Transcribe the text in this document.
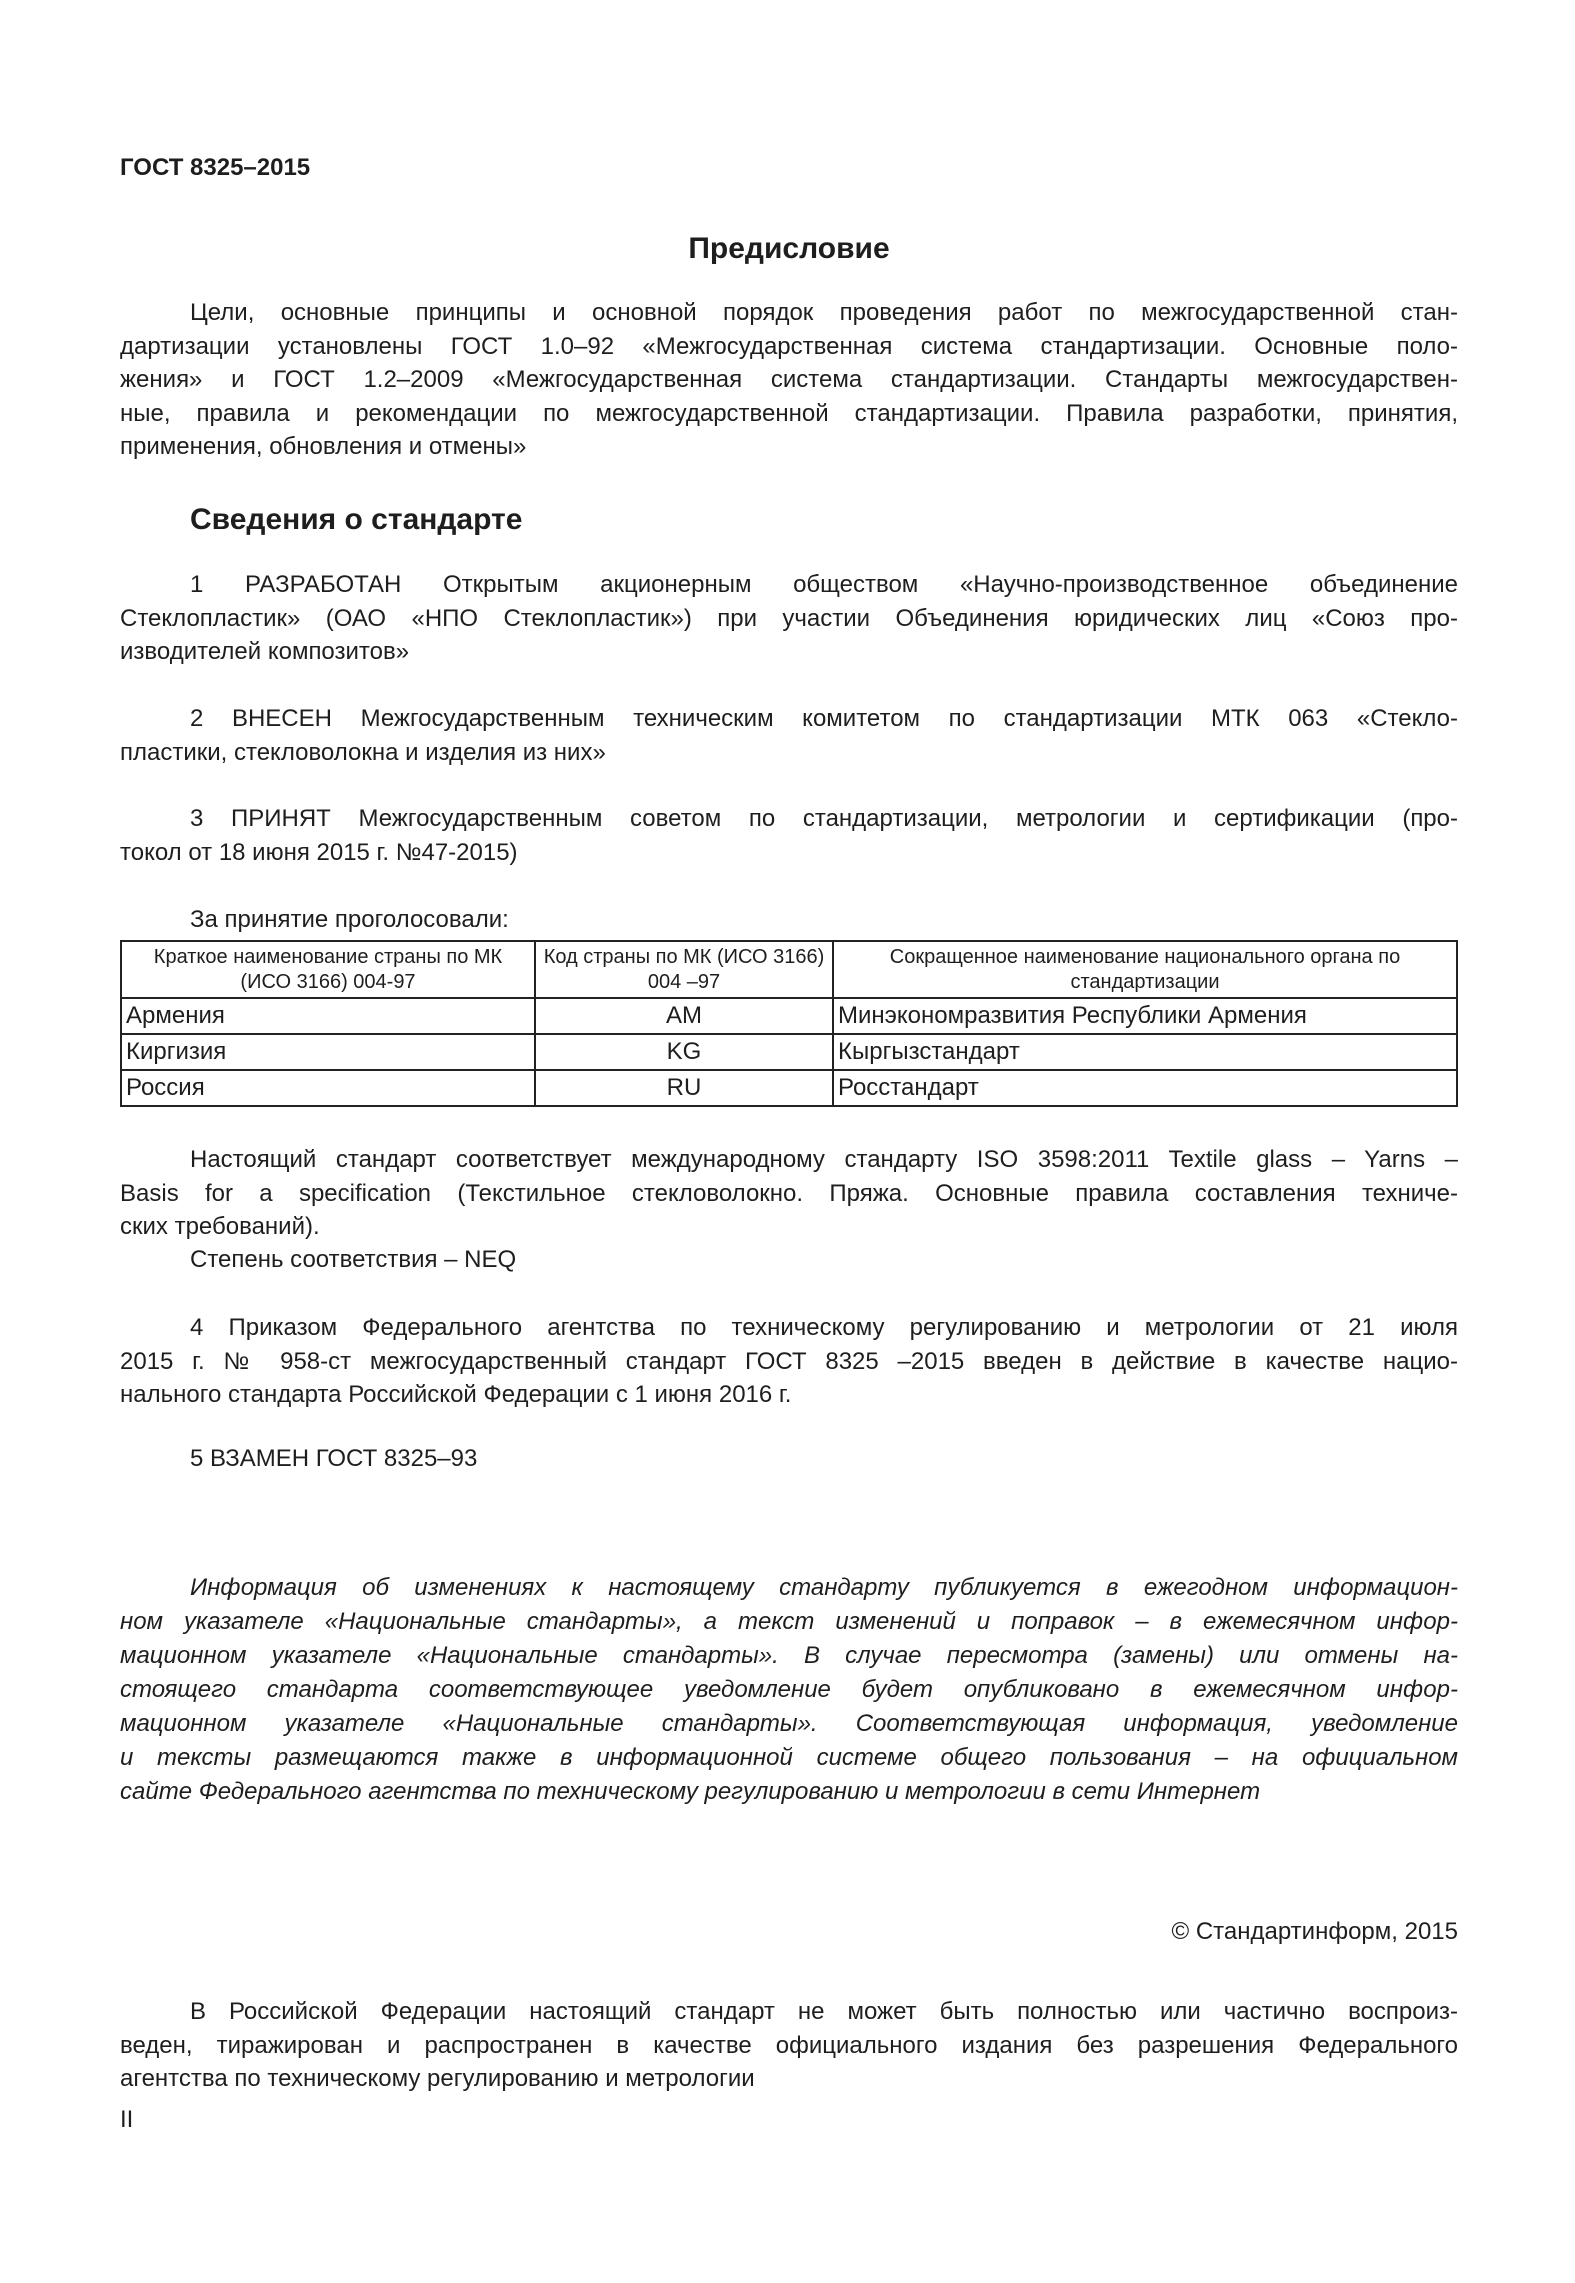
ГОСТ 8325–2015
Предисловие
Цели, основные принципы и основной порядок проведения работ по межгосударственной стан-
дартизации установлены ГОСТ 1.0–92 «Межгосударственная система стандартизации. Основные поло-
жения» и ГОСТ 1.2–2009 «Межгосударственная система стандартизации. Стандарты межгосударствен-
ные, правила и рекомендации по межгосударственной стандартизации. Правила разработки, принятия,
применения, обновления и отмены»
Сведения о стандарте
1 РАЗРАБОТАН Открытым акционерным обществом «Научно-производственное объединение
Стеклопластик» (ОАО «НПО Стеклопластик») при участии Объединения юридических лиц «Союз про-
изводителей композитов»
2 ВНЕСЕН Межгосударственным техническим комитетом по стандартизации МТК 063 «Стекло-
пластики, стекловолокна и изделия из них»
3 ПРИНЯТ Межгосударственным советом по стандартизации, метрологии и сертификации (про-
токол от 18 июня 2015 г. №47-2015)
За принятие проголосовали:
Краткое наименование страны по МК (ИСО 3166) 004-97	Код страны по МК (ИСО 3166) 004 –97	Сокращенное наименование национального органа по стандартизации
Армения	AM	Минэкономразвития Республики Армения
Киргизия	KG	Кыргызстандарт
Россия	RU	Росстандарт
Настоящий стандарт соответствует международному стандарту ISO 3598:2011 Textile glass – Yarns –
Basis for a specification (Текстильное стекловолокно. Пряжа. Основные правила составления техниче-
ских требований).
Степень соответствия – NEQ
4 Приказом Федерального агентства по техническому регулированию и метрологии от 21 июля
2015 г. № 958-ст межгосударственный стандарт ГОСТ 8325 –2015 введен в действие в качестве нацио-
нального стандарта Российской Федерации с 1 июня 2016 г.
5 ВЗАМЕН ГОСТ 8325–93
Информация об изменениях к настоящему стандарту публикуется в ежегодном информацион-
ном указателе «Национальные стандарты», а текст изменений и поправок – в ежемесячном инфор-
мационном указателе «Национальные стандарты». В случае пересмотра (замены) или отмены на-
стоящего стандарта соответствующее уведомление будет опубликовано в ежемесячном инфор-
мационном указателе «Национальные стандарты». Соответствующая информация, уведомление
и тексты размещаются также в информационной системе общего пользования – на официальном
сайте Федерального агентства по техническому регулированию и метрологии в сети Интернет
© Стандартинформ, 2015
В Российской Федерации настоящий стандарт не может быть полностью или частично воспроиз-
веден, тиражирован и распространен в качестве официального издания без разрешения Федерального
агентства по техническому регулированию и метрологии
II
